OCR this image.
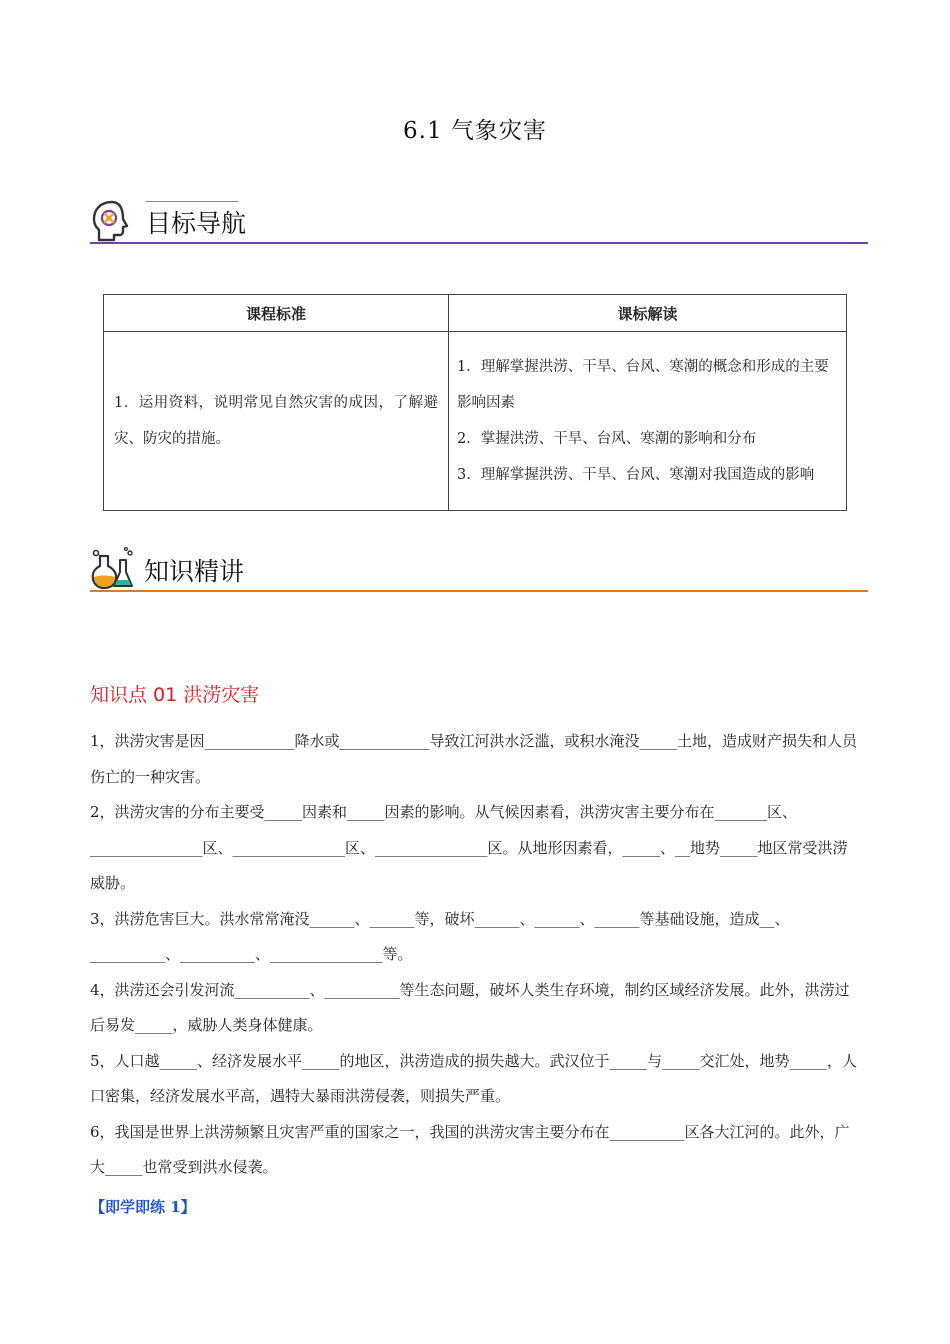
6.1 气象灾害
目标导航
课程标准	课标解读
1．运用资料，说明常见自然灾害的成因，了解避灾、防灾的措施。	1．理解掌握洪涝、干旱、台风、寒潮的概念和形成的主要影响因素
2．掌握洪涝、干旱、台风、寒潮的影响和分布
3．理解掌握洪涝、干旱、台风、寒潮对我国造成的影响
知识精讲
知识点 01 洪涝灾害

1，洪涝灾害是因____________降水或____________导致江河洪水泛滥，或积水淹没_____土地，造成财产损失和人员伤亡的一种灾害。

2，洪涝灾害的分布主要受_____因素和_____因素的影响。从气候因素看，洪涝灾害主要分布在_______区、_______________区、_______________区、_______________区。从地形因素看，_____、__地势_____地区常受洪涝威胁。

3，洪涝危害巨大。洪水常常淹没______、______等，破坏______、______、______等基础设施，造成__、__________、__________、_______________等。

4，洪涝还会引发河流__________、__________等生态问题，破坏人类生存环境，制约区域经济发展。此外，洪涝过后易发_____，威胁人类身体健康。

5，人口越_____、经济发展水平_____的地区，洪涝造成的损失越大。武汉位于_____与_____交汇处，地势_____，人口密集，经济发展水平高，遇特大暴雨洪涝侵袭，则损失严重。

6，我国是世界上洪涝频繁且灾害严重的国家之一，我国的洪涝灾害主要分布在__________区各大江河的。此外，广大_____也常受到洪水侵袭。

【即学即练 1】
